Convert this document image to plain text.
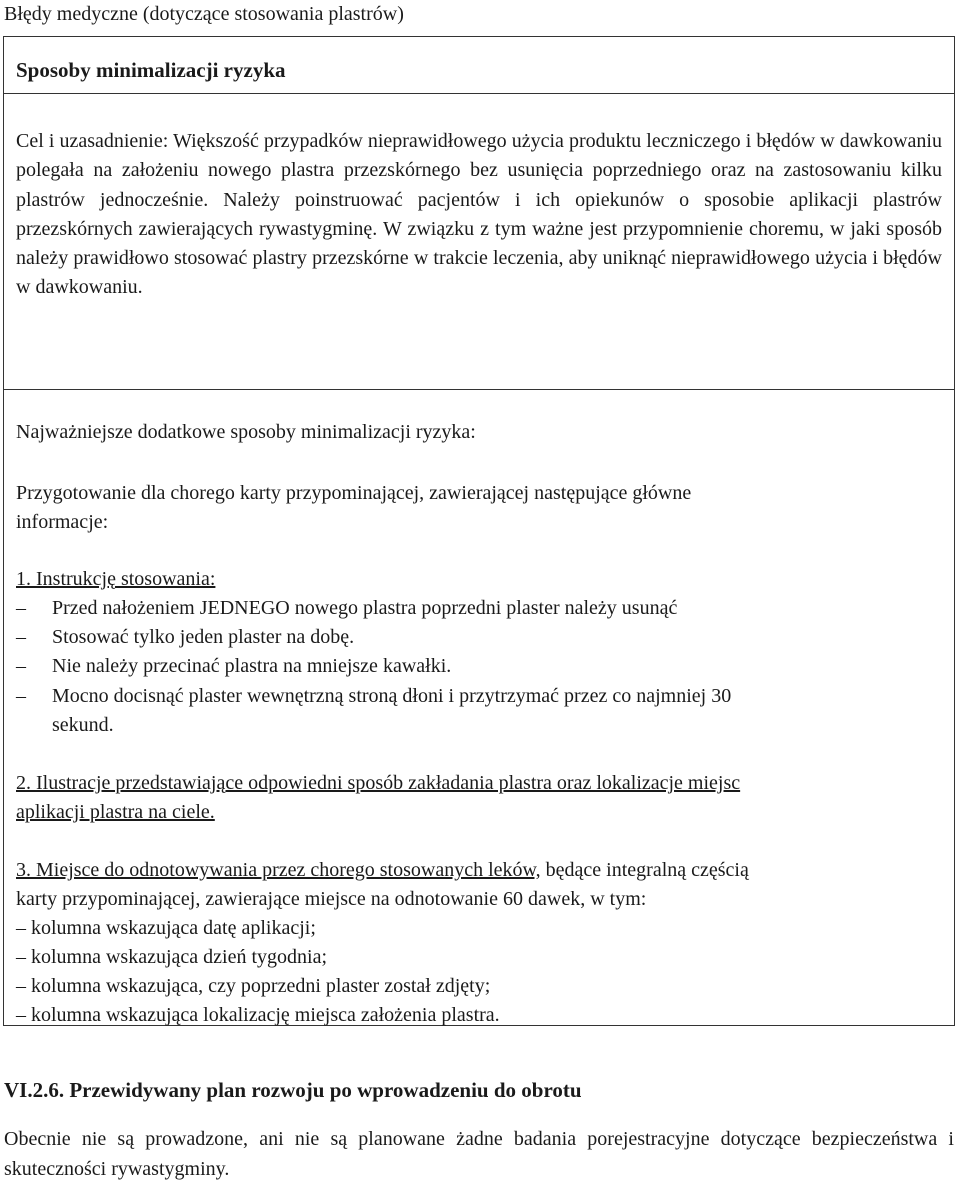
Błędy medyczne (dotyczące stosowania plastrów)
Sposoby minimalizacji ryzyka

Cel i uzasadnienie: Większość przypadków nieprawidłowego użycia produktu leczniczego i błędów w dawkowaniu polegała na założeniu nowego plastra przezskórnego bez usunięcia poprzedniego oraz na zastosowaniu kilku plastrów jednocześnie. Należy poinstruować pacjentów i ich opiekunów o sposobie aplikacji plastrów przezskórnych zawierających rywastygminę. W związku z tym ważne jest przypomnienie choremu, w jaki sposób należy prawidłowo stosować plastry przezskórne w trakcie leczenia, aby uniknąć nieprawidłowego użycia i błędów w dawkowaniu.

Najważniejsze dodatkowe sposoby minimalizacji ryzyka:

Przygotowanie dla chorego karty przypominającej, zawierającej następujące główne

informacje:

1. Instrukcję stosowania:

– Przed nałożeniem JEDNEGO nowego plastra poprzedni plaster należy usunąć
– Stosować tylko jeden plaster na dobę.
– Nie należy przecinać plastra na mniejsze kawałki.
– Mocno docisnąć plaster wewnętrzną stroną dłoni i przytrzymać przez co najmniej 30
sekund.

2. Ilustracje przedstawiające odpowiedni sposób zakładania plastra oraz lokalizacje miejsc

aplikacji plastra na ciele.

3. Miejsce do odnotowywania przez chorego stosowanych leków, będące integralną częścią

karty przypominającej, zawierające miejsce na odnotowanie 60 dawek, w tym:

– kolumna wskazująca datę aplikacji;
– kolumna wskazująca dzień tygodnia;
– kolumna wskazująca, czy poprzedni plaster został zdjęty;
– kolumna wskazująca lokalizację miejsca założenia plastra.
VI.2.6. Przewidywany plan rozwoju po wprowadzeniu do obrotu

Obecnie nie są prowadzone, ani nie są planowane żadne badania porejestracyjne dotyczące bezpieczeństwa i skuteczności rywastygminy.
